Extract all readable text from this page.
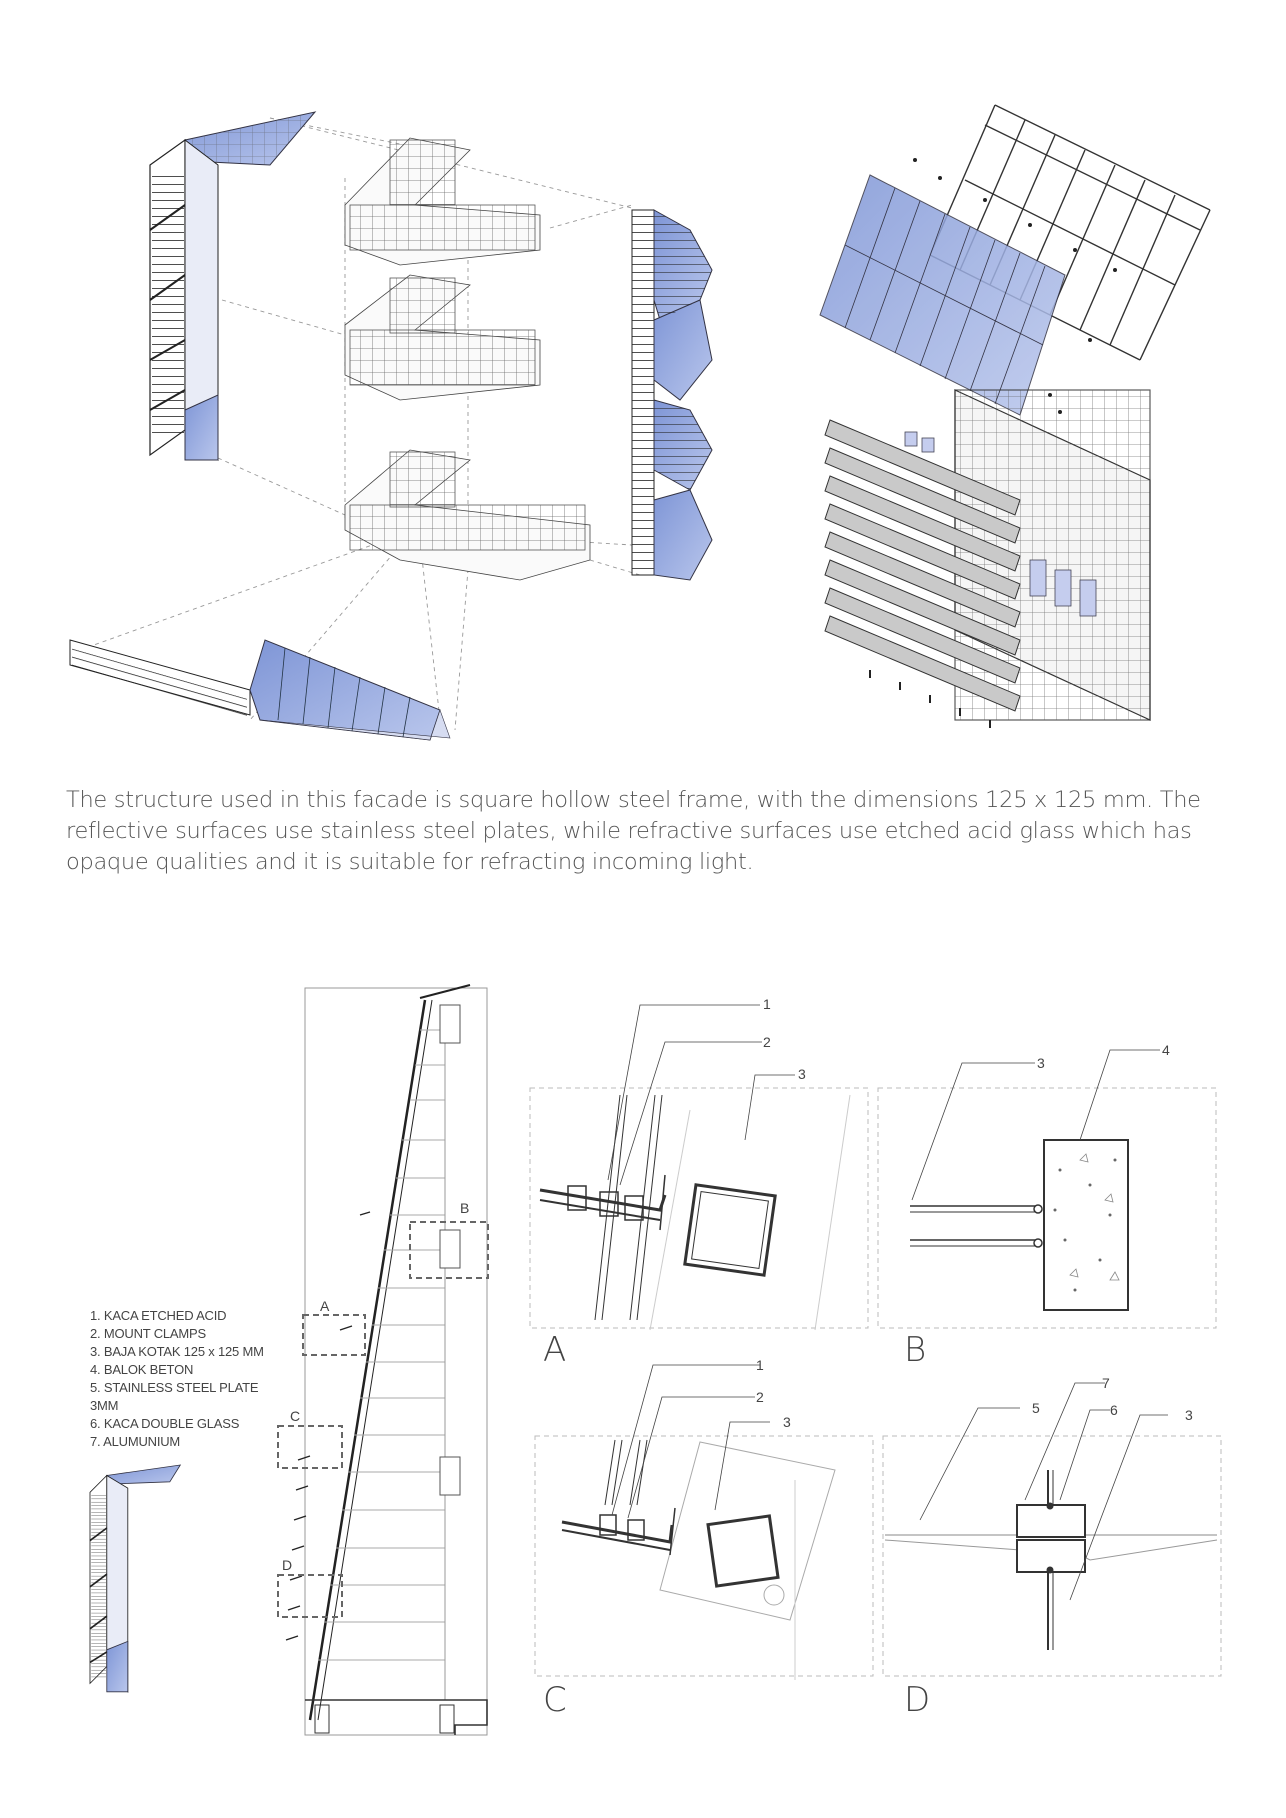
The structure used in this facade is square hollow steel frame, with the dimensions 125 x 125 mm. The reflective surfaces use stainless steel plates, while refractive surfaces use etched acid glass which has opaque qualities and it is suitable for refracting incoming light.
1. KACA ETCHED ACID
2. MOUNT CLAMPS
3. BAJA KOTAK 125 x 125 MM
4. BALOK BETON
5. STAINLESS STEEL PLATE
3MM
6. KACA DOUBLE GLASS
7. ALUMUNIUM
B
A
C
D
A	B
C	D
1
2
3
3
4
1
2
3
5
7
6	3
